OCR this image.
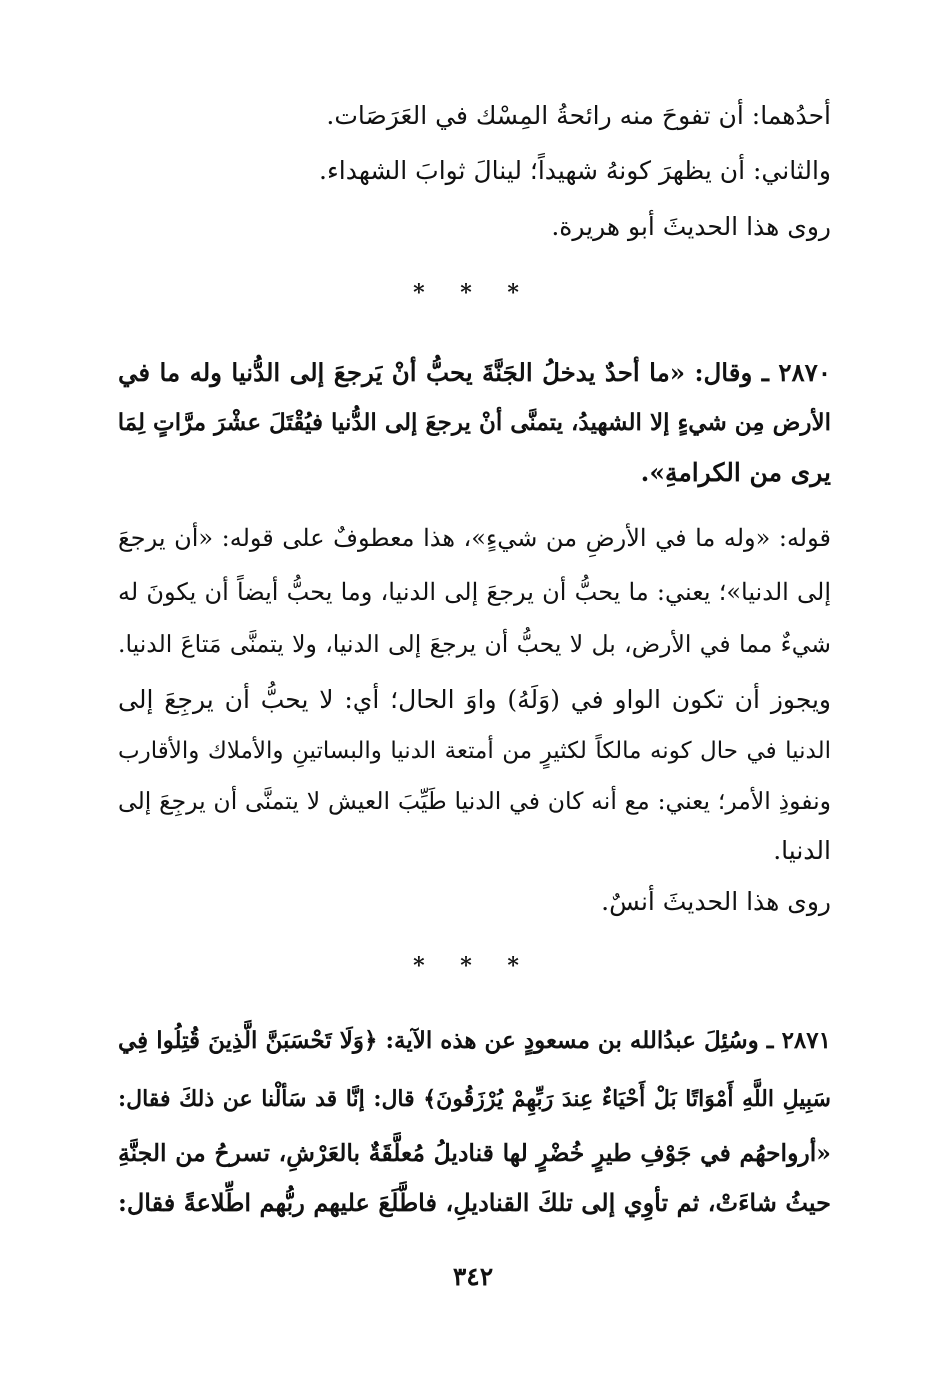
أحدُهما: أن تفوحَ منه رائحةُ المِسْك في العَرَصَات.
والثاني: أن يظهرَ كونهُ شهيداً؛ لينالَ ثوابَ الشهداء.
روى هذا الحديثَ أبو هريرة.
* * *
٢٨٧٠ ـ وقال: «ما أحدٌ يدخلُ الجَنَّةَ يحبُّ أنْ يَرجعَ إلى الدُّنيا وله ما في
الأرض مِن شيءٍ إلا الشهيدُ، يتمنَّى أنْ يرجعَ إلى الدُّنيا فيُقْتَلَ عشْرَ مرَّاتٍ لِمَا
يرى من الكرامةِ».
قوله: «وله ما في الأرضِ من شيءٍ»، هذا معطوفٌ على قوله: «أن يرجعَ
إلى الدنيا»؛ يعني: ما يحبُّ أن يرجعَ إلى الدنيا، وما يحبُّ أيضاً أن يكونَ له
شيءٌ مما في الأرض، بل لا يحبُّ أن يرجعَ إلى الدنيا، ولا يتمنَّى مَتاعَ الدنيا.
ويجوز أن تكون الواو في (وَلَهُ) واوَ الحال؛ أي: لا يحبُّ أن يرجِعَ إلى
الدنيا في حال كونه مالكاً لكثيرٍ من أمتعة الدنيا والبساتينِ والأملاك والأقارب
ونفوذِ الأمر؛ يعني: مع أنه كان في الدنيا طَيِّبَ العيش لا يتمنَّى أن يرجِعَ إلى
الدنيا.
روى هذا الحديثَ أنسٌ.
* * *
٢٨٧١ ـ وسُئِلَ عبدُالله بن مسعودٍ عن هذه الآية: ﴿وَلَا تَحْسَبَنَّ الَّذِينَ قُتِلُوا فِي
سَبِيلِ اللَّهِ أَمْوَاتًا بَلْ أَحْيَاءٌ عِندَ رَبِّهِمْ يُرْزَقُونَ﴾ قال: إنَّا قد سَألْنا عن ذلكَ فقال:
«أرواحهُم في جَوْفِ طيرٍ خُضْرٍ لها قناديلُ مُعلَّقَةٌ بالعَرْشِ، تسرحُ من الجنَّةِ
حيثُ شاءَتْ، ثم تأوِي إلى تلكَ القناديلِ، فاطَّلَعَ عليهم ربُّهم اطِّلاعةً فقال:
٣٤٢
